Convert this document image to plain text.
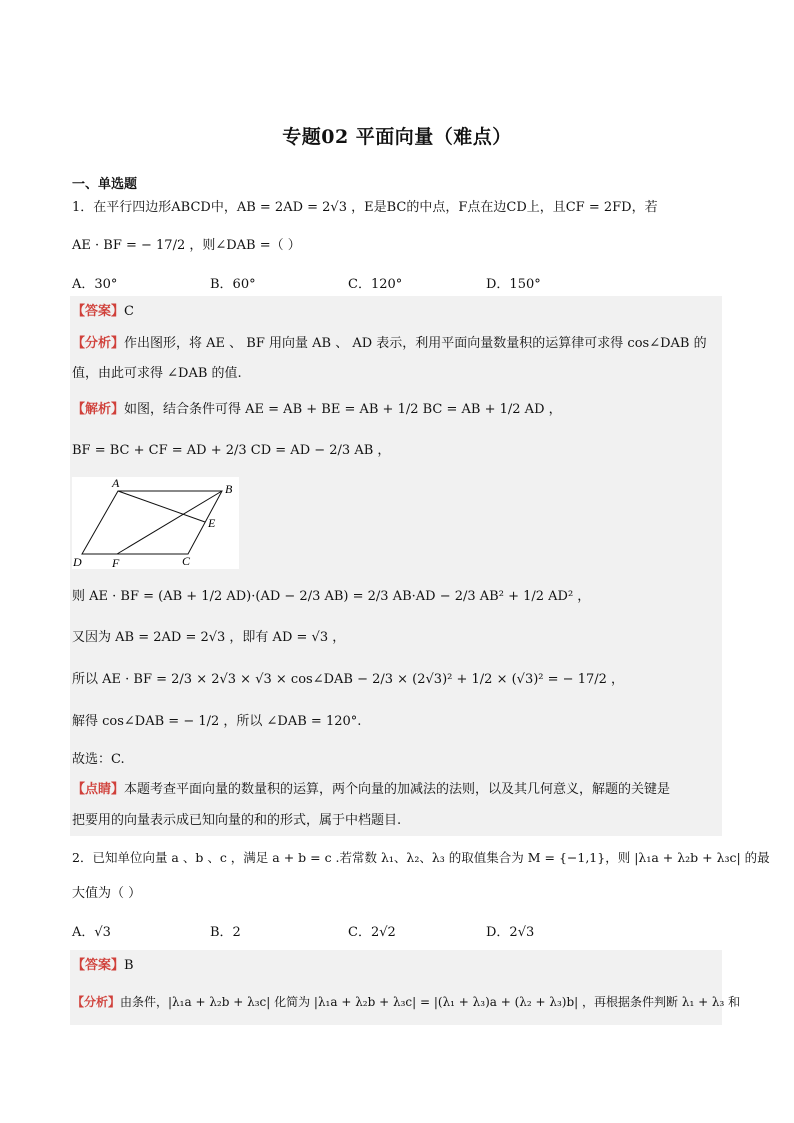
专题02 平面向量（难点）
一、单选题
1．在平行四边形ABCD中，AB = 2AD = 2√3 ，E是BC的中点，F点在边CD上，且CF = 2FD，若
AE · BF = − 17/2 ，则∠DAB =（ ）
A．30°	B．60°	C．120°	D．150°
【答案】C
【分析】作出图形，将 AE 、 BF 用向量 AB 、 AD 表示，利用平面向量数量积的运算律可求得 cos∠DAB 的
值，由此可求得 ∠DAB 的值.
【解析】如图，结合条件可得 AE = AB + BE = AB + 1/2 BC = AB + 1/2 AD ，
BF = BC + CF = AD + 2/3 CD = AD − 2/3 AB ，
A	B
E
C
D	F
则 AE · BF = (AB + 1/2 AD)·(AD − 2/3 AB) = 2/3 AB·AD − 2/3 AB² + 1/2 AD² ，
又因为 AB = 2AD = 2√3 ，即有 AD = √3 ，
所以 AE · BF = 2/3 × 2√3 × √3 × cos∠DAB − 2/3 × (2√3)² + 1/2 × (√3)² = − 17/2 ，
解得 cos∠DAB = − 1/2 ，所以 ∠DAB = 120°.
故选：C.
【点睛】本题考查平面向量的数量积的运算，两个向量的加减法的法则，以及其几何意义，解题的关键是
把要用的向量表示成已知向量的和的形式，属于中档题目.
2．已知单位向量 a 、b 、c ，满足 a + b = c .若常数 λ₁、λ₂、λ₃ 的取值集合为 M = {−1,1}，则 |λ₁a + λ₂b + λ₃c| 的最
大值为（ ）
A．√3	B．2	C．2√2	D．2√3
【答案】B
【分析】由条件，|λ₁a + λ₂b + λ₃c| 化简为 |λ₁a + λ₂b + λ₃c| = |(λ₁ + λ₃)a + (λ₂ + λ₃)b| ，再根据条件判断 λ₁ + λ₃ 和
